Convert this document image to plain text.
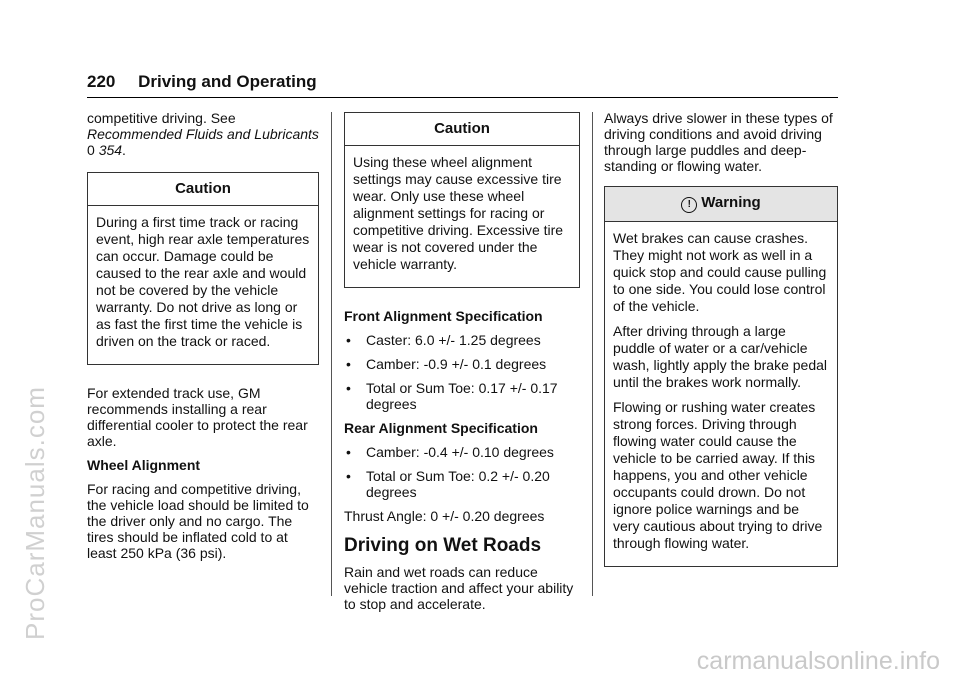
220 Driving and Operating

competitive driving. See
Recommended Fluids and Lubricants 0 354.

Caution

During a first time track or racing event, high rear axle temperatures can occur. Damage could be caused to the rear axle and would not be covered by the vehicle warranty. Do not drive as long or as fast the first time the vehicle is driven on the track or raced.

For extended track use, GM recommends installing a rear differential cooler to protect the rear axle.

Wheel Alignment

For racing and competitive driving, the vehicle load should be limited to the driver only and no cargo. The tires should be inflated cold to at least 250 kPa (36 psi).

Caution

Using these wheel alignment settings may cause excessive tire wear. Only use these wheel alignment settings for racing or competitive driving. Excessive tire wear is not covered under the vehicle warranty.

Front Alignment Specification

• Caster: 6.0 +/- 1.25 degrees
• Camber: -0.9 +/- 0.1 degrees
• Total or Sum Toe: 0.17 +/- 0.17 degrees

Rear Alignment Specification

• Camber: -0.4 +/- 0.10 degrees
• Total or Sum Toe: 0.2 +/- 0.20 degrees

Thrust Angle: 0 +/- 0.20 degrees

Driving on Wet Roads

Rain and wet roads can reduce vehicle traction and affect your ability to stop and accelerate.

Always drive slower in these types of driving conditions and avoid driving through large puddles and deep-standing or flowing water.

! Warning

Wet brakes can cause crashes. They might not work as well in a quick stop and could cause pulling to one side. You could lose control of the vehicle.

After driving through a large puddle of water or a car/vehicle wash, lightly apply the brake pedal until the brakes work normally.

Flowing or rushing water creates strong forces. Driving through flowing water could cause the vehicle to be carried away. If this happens, you and other vehicle occupants could drown. Do not ignore police warnings and be very cautious about trying to drive through flowing water.

ProCarManuals.com
carmanualsonline.info
